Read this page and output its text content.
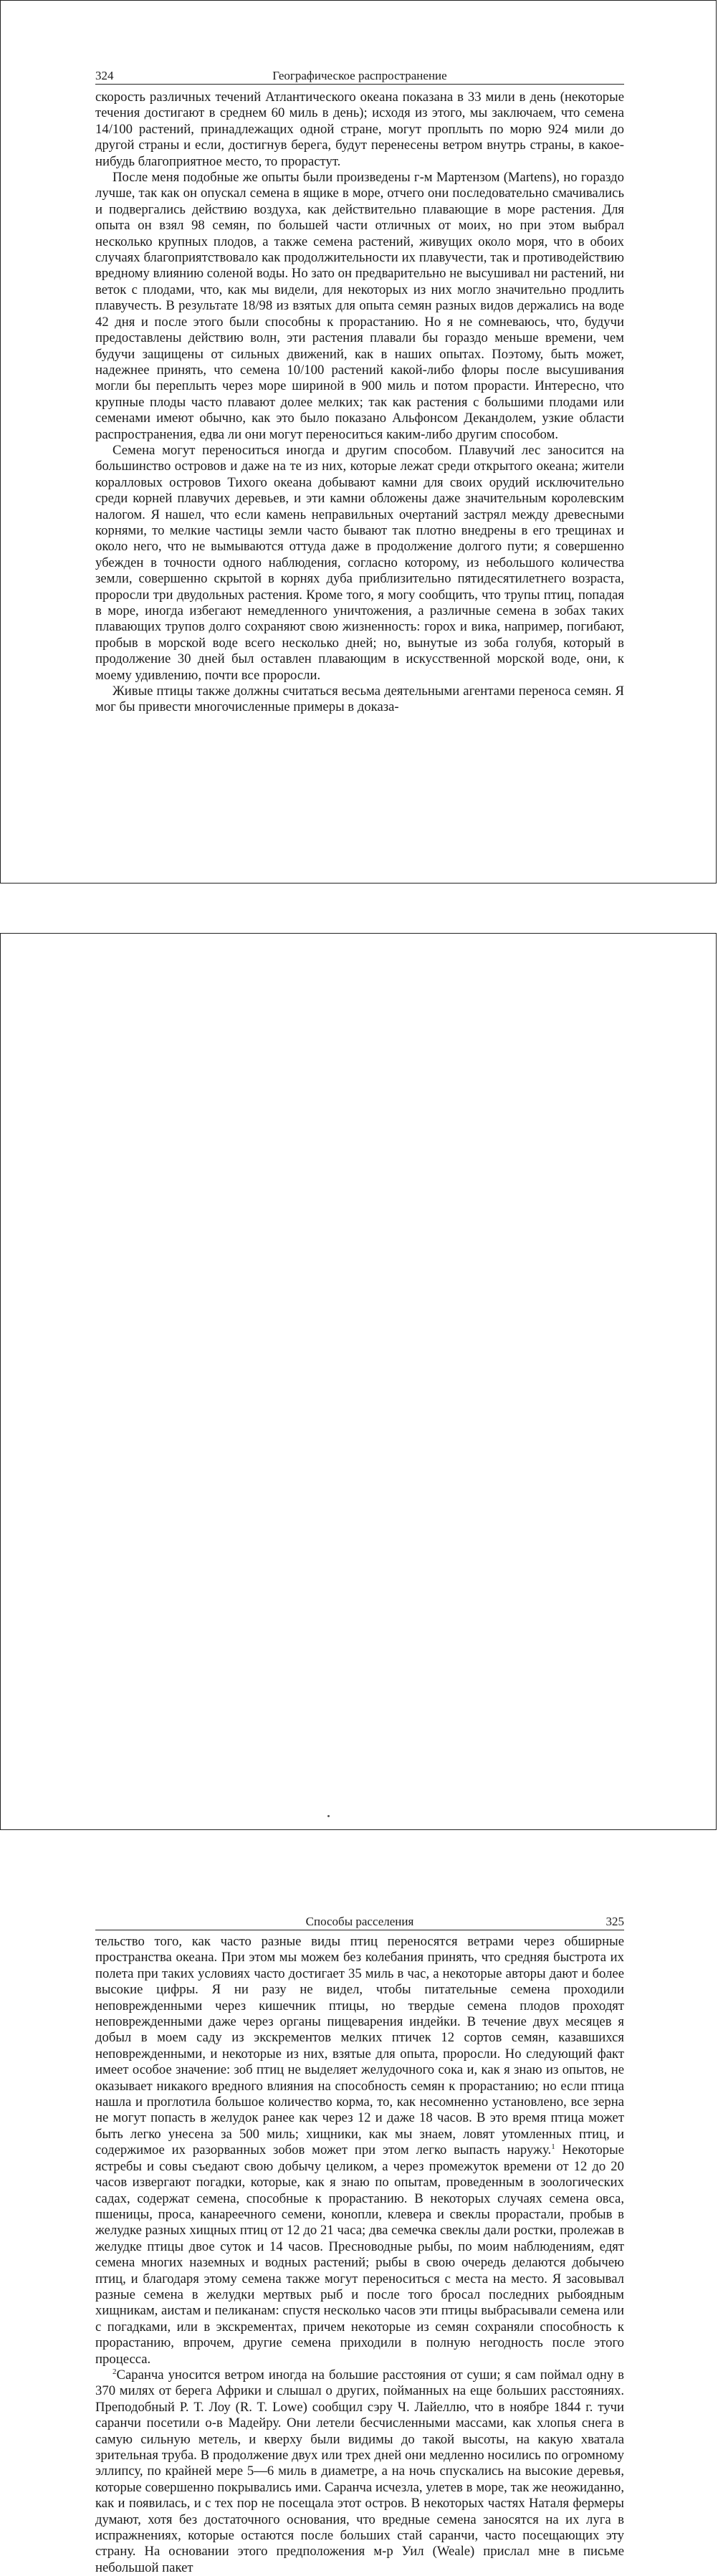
324	Географическое распространение

скорость различных течений Атлантического океана показана в 33 мили в день (некоторые течения достигают в среднем 60 миль в день); исходя из этого, мы заключаем, что семена 14/100 растений, принадлежащих одной стране, могут проплыть по морю 924 мили до другой страны и если, достигнув берега, будут перенесены ветром внутрь страны, в какое-нибудь благоприятное место, то прорастут.

После меня подобные же опыты были произведены г-м Мартензом (Martens), но гораздо лучше, так как он опускал семена в ящике в море, отчего они последовательно смачивались и подвергались действию воздуха, как действительно плавающие в море растения. Для опыта он взял 98 семян, по большей части отличных от моих, но при этом выбрал несколько крупных плодов, а также семена растений, живущих около моря, что в обоих случаях благоприятствовало как продолжительности их плавучести, так и противодействию вредному влиянию соленой воды. Но зато он предварительно не высушивал ни растений, ни веток с плодами, что, как мы видели, для некоторых из них могло значительно продлить плавучесть. В результате 18/98 из взятых для опыта семян разных видов держались на воде 42 дня и после этого были способны к прорастанию. Но я не сомневаюсь, что, будучи предоставлены действию волн, эти растения плавали бы гораздо меньше времени, чем будучи защищены от сильных движений, как в наших опытах. Поэтому, быть может, надежнее принять, что семена 10/100 растений какой-либо флоры после высушивания могли бы переплыть через море шириной в 900 миль и потом прорасти. Интересно, что крупные плоды часто плавают долее мелких; так как растения с большими плодами или семенами имеют обычно, как это было показано Альфонсом Декандолем, узкие области распространения, едва ли они могут переноситься каким-либо другим способом.

Семена могут переноситься иногда и другим способом. Плавучий лес заносится на большинство островов и даже на те из них, которые лежат среди открытого океана; жители коралловых островов Тихого океана добывают камни для своих орудий исключительно среди корней плавучих деревьев, и эти камни обложены даже значительным королевским налогом. Я нашел, что если камень неправильных очертаний застрял между древесными корнями, то мелкие частицы земли часто бывают так плотно внедрены в его трещинах и около него, что не вымываются оттуда даже в продолжение долгого пути; я совершенно убежден в точности одного наблюдения, согласно которому, из небольшого количества земли, совершенно скрытой в корнях дуба приблизительно пятидесятилетнего возраста, проросли три двудольных растения. Кроме того, я могу сообщить, что трупы птиц, попадая в море, иногда избегают немедленного уничтожения, а различные семена в зобах таких плавающих трупов долго сохраняют свою жизненность: горох и вика, например, погибают, пробыв в морской воде всего несколько дней; но, вынутые из зоба голубя, который в продолжение 30 дней был оставлен плавающим в искусственной морской воде, они, к моему удивлению, почти все проросли.

Живые птицы также должны считаться весьма деятельными агентами переноса семян. Я мог бы привести многочисленные примеры в доказа-

Способы расселения	325

тельство того, как часто разные виды птиц переносятся ветрами через обширные пространства океана. При этом мы можем без колебания принять, что средняя быстрота их полета при таких условиях часто достигает 35 миль в час, а некоторые авторы дают и более высокие цифры. Я ни разу не видел, чтобы питательные семена проходили неповрежденными через кишечник птицы, но твердые семена плодов проходят неповрежденными даже через органы пищеварения индейки. В течение двух месяцев я добыл в моем саду из экскрементов мелких птичек 12 сортов семян, казавшихся неповрежденными, и некоторые из них, взятые для опыта, проросли. Но следующий факт имеет особое значение: зоб птиц не выделяет желудочного сока и, как я знаю из опытов, не оказывает никакого вредного влияния на способность семян к прорастанию; но если птица нашла и проглотила большое количество корма, то, как несомненно установлено, все зерна не могут попасть в желудок ранее как через 12 и даже 18 часов. В это время птица может быть легко унесена за 500 миль; хищники, как мы знаем, ловят утомленных птиц, и содержимое их разорванных зобов может при этом легко выпасть наружу.$^1$ Некоторые ястребы и совы съедают свою добычу целиком, а через промежуток времени от 12 до 20 часов извергают погадки, которые, как я знаю по опытам, проведенным в зоологических садах, содержат семена, способные к прорастанию. В некоторых случаях семена овса, пшеницы, проса, канареечного семени, конопли, клевера и свеклы прорастали, пробыв в желудке разных хищных птиц от 12 до 21 часа; два семечка свеклы дали ростки, пролежав в желудке птицы двое суток и 14 часов. Пресноводные рыбы, по моим наблюдениям, едят семена многих наземных и водных растений; рыбы в свою очередь делаются добычею птиц, и благодаря этому семена также могут переноситься с места на место. Я засовывал разные семена в желудки мертвых рыб и после того бросал последних рыбоядным хищникам, аистам и пеликанам: спустя несколько часов эти птицы выбрасывали семена или с погадками, или в экскрементах, причем некоторые из семян сохраняли способность к прорастанию, впрочем, другие семена приходили в полную негодность после этого процесса.

$^2$Саранча уносится ветром иногда на большие расстояния от суши; я сам поймал одну в 370 милях от берега Африки и слышал о других, пойманных на еще больших расстояниях. Преподобный Р. Т. Лоу (R. T. Lowe) сообщил сэру Ч. Лайеллю, что в ноябре 1844 г. тучи саранчи посетили о-в Мадейру. Они летели бесчисленными массами, как хлопья снега в самую сильную метель, и кверху были видимы до такой высоты, на какую хватала зрительная труба. В продолжение двух или трех дней они медленно носились по огромному эллипсу, по крайней мере 5—6 миль в диаметре, а на ночь спускались на высокие деревья, которые совершенно покрывались ими. Саранча исчезла, улетев в море, так же неожиданно, как и появилась, и с тех пор не посещала этот остров. В некоторых частях Наталя фермеры думают, хотя без достаточного основания, что вредные семена заносятся на их луга в испражнениях, которые остаются после больших стай саранчи, часто посещающих эту страну. На основании этого предположения м-р Уил (Weale) прислал мне в письме небольшой пакет
